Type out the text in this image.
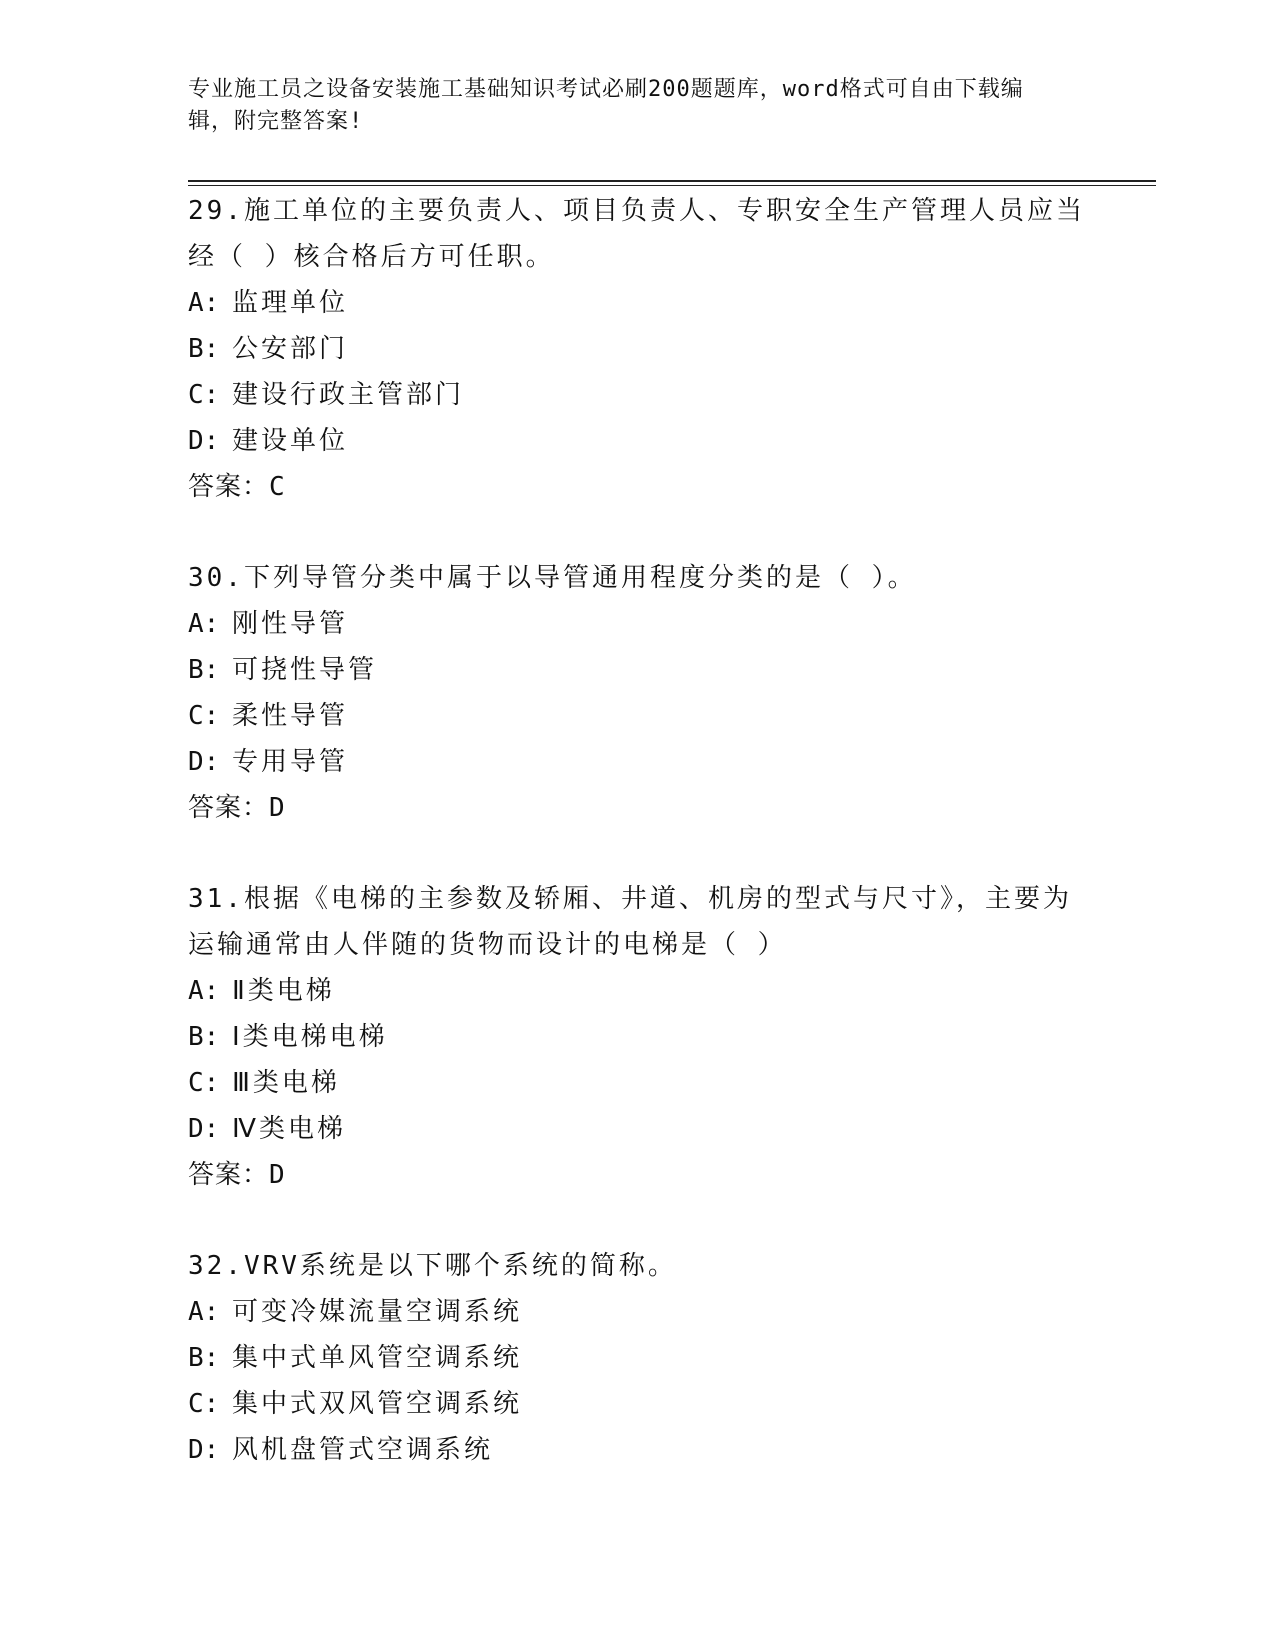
专业施工员之设备安装施工基础知识考试必刷200题题库，word格式可自由下载编辑，附完整答案!

29.施工单位的主要负责人、项目负责人、专职安全生产管理人员应当经（ ）核合格后方可任职。

A: 监理单位

B: 公安部门

C: 建设行政主管部门

D: 建设单位

答案：C

30.下列导管分类中属于以导管通用程度分类的是（ ）。

A: 刚性导管

B: 可挠性导管

C: 柔性导管

D: 专用导管

答案：D

31.根据《电梯的主参数及轿厢、井道、机房的型式与尺寸》，主要为运输通常由人伴随的货物而设计的电梯是（ ）

A: Ⅱ类电梯

B: Ⅰ类电梯电梯

C: Ⅲ类电梯

D: Ⅳ类电梯

答案：D

32.VRV系统是以下哪个系统的简称。

A: 可变冷媒流量空调系统

B: 集中式单风管空调系统

C: 集中式双风管空调系统

D: 风机盘管式空调系统
